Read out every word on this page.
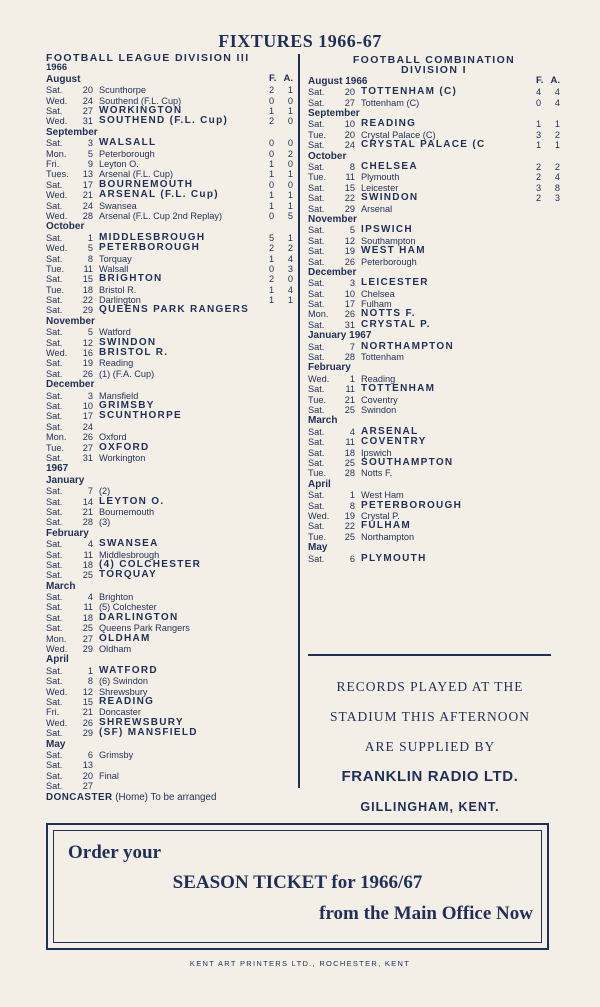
FIXTURES 1966-67
FOOTBALL LEAGUE DIVISION III
1966
August	F. A.
Sat.	20 Scunthorpe	2 1
Wed.	24 Southend (F.L. Cup)	0 0
Sat.	27 WORKINGTON	1 1
Wed.	31 SOUTHEND (F.L. Cup)	2 0
September
Sat.	3 WALSALL	0 0
Mon.	5 Peterborough	0 2
Fri.	9 Leyton O.	1 0
Tues.	13 Arsenal (F.L. Cup)	1 1
Sat.	17 BOURNEMOUTH	0 0
Wed.	21 ARSENAL (F.L. Cup)	1 1
Sat.	24 Swansea	1 1
Wed.	28 Arsenal (F.L. Cup 2nd Replay)	0 5
October
Sat.	1 MIDDLESBROUGH	5 1
Wed.	5 PETERBOROUGH	2 2
Sat.	8 Torquay	1 4
Tue.	11 Walsall	0 3
Sat.	15 BRIGHTON	2 0
Tue.	18 Bristol R.	1 4
Sat.	22 Darlington	1 1
Sat.	29 QUEENS PARK RANGERS
November
Sat.	5 Watford
Sat.	12 SWINDON
Wed.	16 BRISTOL R.
Sat.	19 Reading
Sat.	26 (1) (F.A. Cup)
December
Sat.	3 Mansfield
Sat.	10 GRIMSBY
Sat.	17 SCUNTHORPE
Sat.	24
Mon.	26 Oxford
Tue.	27 OXFORD
Sat.	31 Workington
1967
January
Sat.	7 (2)
Sat.	14 LEYTON O.
Sat.	21 Bournemouth
Sat.	28 (3)
February
Sat.	4 SWANSEA
Sat.	11 Middlesbrough
Sat.	18 (4) COLCHESTER
Sat.	25 TORQUAY
March
Sat.	4 Brighton
Sat.	11 (5) Colchester
Sat.	18 DARLINGTON
Sat.	25 Queens Park Rangers
Mon.	27 OLDHAM
Wed.	29 Oldham
April
Sat.	1 WATFORD
Sat.	8 (6) Swindon
Wed.	12 Shrewsbury
Sat.	15 READING
Fri.	21 Doncaster
Wed.	26 SHREWSBURY
Sat.	29 (SF) MANSFIELD
May
Sat.	6 Grimsby
Sat.	13
Sat.	20 Final
Sat.	27
DONCASTER (Home) To be arranged
FOOTBALL COMBINATION
DIVISION I
August 1966	F. A.
Sat.	20 TOTTENHAM (C)	4 4
Sat.	27 Tottenham (C)	0 4
September
Sat.	10 READING	1 1
Tue.	20 Crystal Palace (C)	3 2
Sat.	24 CRYSTAL PALACE (C	1 1
October
Sat.	8 CHELSEA	2 2
Tue.	11 Plymouth	2 4
Sat.	15 Leicester	3 8
Sat.	22 SWINDON	2 3
Sat.	29 Arsenal
November
Sat.	5 IPSWICH
Sat.	12 Southampton
Sat.	19 WEST HAM
Sat.	26 Peterborough
December
Sat.	3 LEICESTER
Sat.	10 Chelsea
Sat.	17 Fulham
Mon.	26 NOTTS F.
Sat.	31 CRYSTAL P.
January 1967
Sat.	7 NORTHAMPTON
Sat.	28 Tottenham
February
Wed.	1 Reading
Sat.	11 TOTTENHAM
Tue.	21 Coventry
Sat.	25 Swindon
March
Sat.	4 ARSENAL
Sat.	11 COVENTRY
Sat.	18 Ipswich
Sat.	25 SOUTHAMPTON
Tue.	28 Notts F.
April
Sat.	1 West Ham
Sat.	8 PETERBOROUGH
Wed.	19 Crystal P.
Sat.	22 FULHAM
Tue.	25 Northampton
May
Sat.	6 PLYMOUTH
RECORDS PLAYED AT THE
STADIUM THIS AFTERNOON
ARE SUPPLIED BY
FRANKLIN RADIO LTD.
GILLINGHAM, KENT.
Order your
SEASON TICKET for 1966/67
from the Main Office Now
KENT ART PRINTERS LTD., ROCHESTER, KENT
